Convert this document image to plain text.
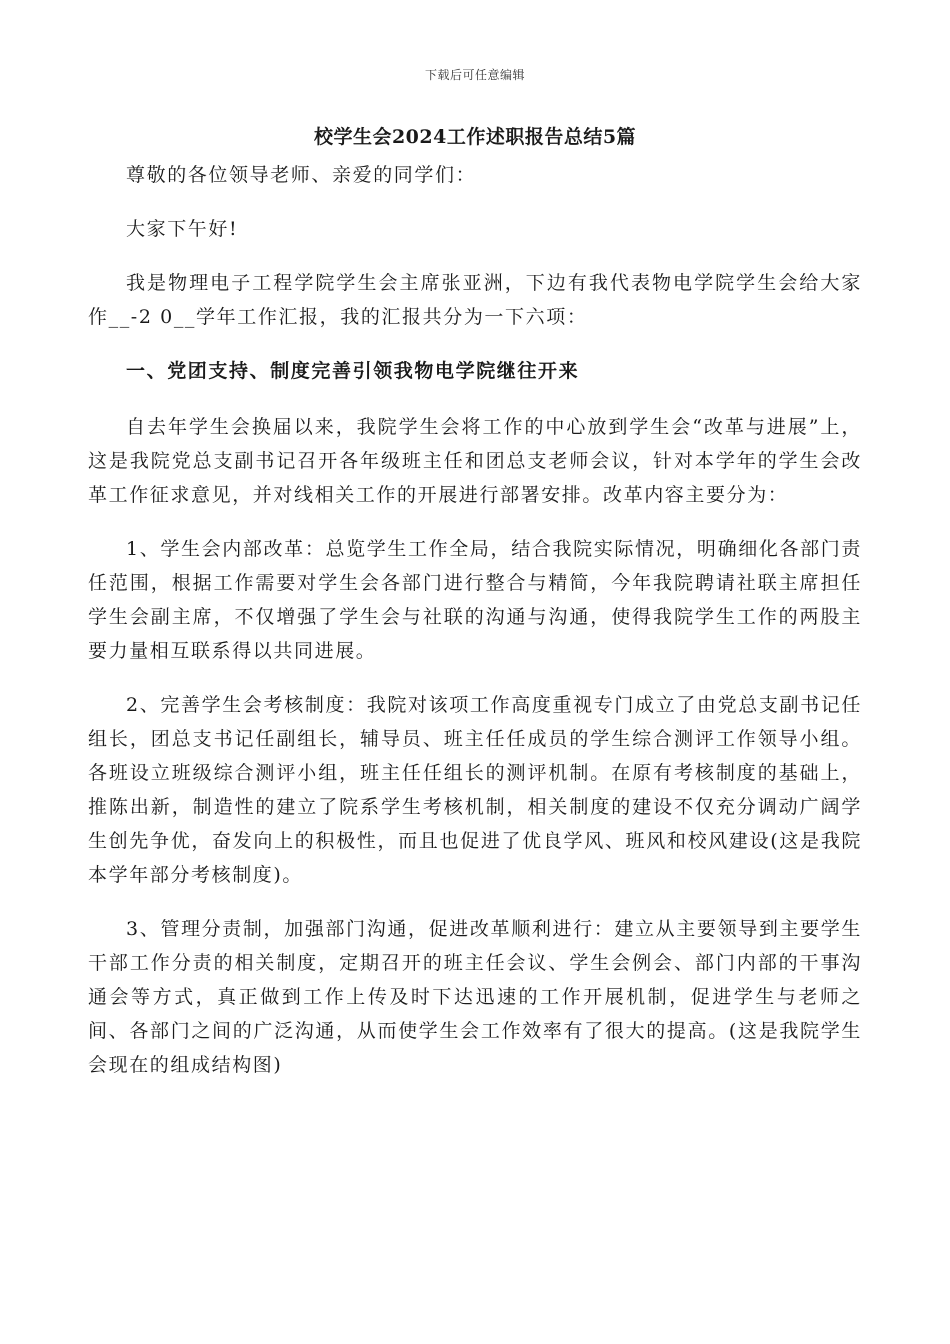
下载后可任意编辑
校学生会2024工作述职报告总结5篇

尊敬的各位领导老师、亲爱的同学们：

大家下午好!

我是物理电子工程学院学生会主席张亚洲，下边有我代表物电学院学生会给大家作__-2 0__学年工作汇报，我的汇报共分为一下六项：

一、党团支持、制度完善引领我物电学院继往开来

自去年学生会换届以来，我院学生会将工作的中心放到学生会“改革与进展”上，这是我院党总支副书记召开各年级班主任和团总支老师会议，针对本学年的学生会改革工作征求意见，并对线相关工作的开展进行部署安排。改革内容主要分为：

1、学生会内部改革：总览学生工作全局，结合我院实际情况，明确细化各部门责任范围，根据工作需要对学生会各部门进行整合与精简，今年我院聘请社联主席担任学生会副主席，不仅增强了学生会与社联的沟通与沟通，使得我院学生工作的两股主要力量相互联系得以共同进展。

2、完善学生会考核制度：我院对该项工作高度重视专门成立了由党总支副书记任组长，团总支书记任副组长，辅导员、班主任任成员的学生综合测评工作领导小组。各班设立班级综合测评小组，班主任任组长的测评机制。在原有考核制度的基础上，推陈出新，制造性的建立了院系学生考核机制，相关制度的建设不仅充分调动广阔学生创先争优，奋发向上的积极性，而且也促进了优良学风、班风和校风建设(这是我院本学年部分考核制度)。

3、管理分责制，加强部门沟通，促进改革顺利进行：建立从主要领导到主要学生干部工作分责的相关制度，定期召开的班主任会议、学生会例会、部门内部的干事沟通会等方式，真正做到工作上传及时下达迅速的工作开展机制，促进学生与老师之间、各部门之间的广泛沟通，从而使学生会工作效率有了很大的提高。(这是我院学生会现在的组成结构图)
